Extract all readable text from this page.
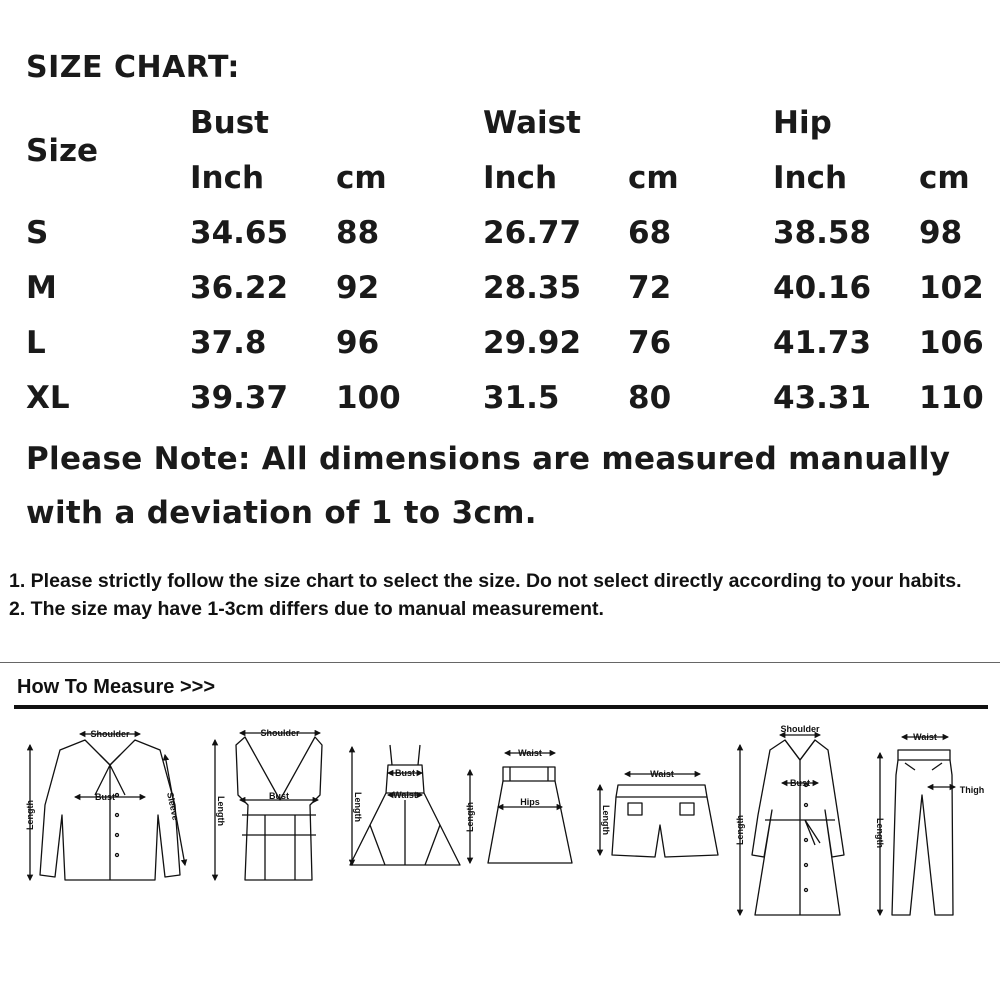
SIZE CHART:
Size
Bust	Waist	Hip
Inch cm	Inch cm	Inch cm
S	34.65 88	26.77 68	38.58 98
M	36.22 92	28.35 72	40.16 102
L	37.8 96	29.92 76	41.73 106
XL	39.37 100	31.5 80	43.31 110
Please Note: All dimensions are measured manually with a deviation of 1 to 3cm.

1. Please strictly follow the size chart to select the size. Do not select directly according to your habits.

2. The size may have 1-3cm differs due to manual measurement.

How To Measure >>>
Shoulder
Bust	Sleeve
Length
Shoulder
Bust
Length
Bust
Waist
Length
Waist
Hips
Length
Waist
Length
Shoulder
Bust
Length
Waist
Thigh
Length
